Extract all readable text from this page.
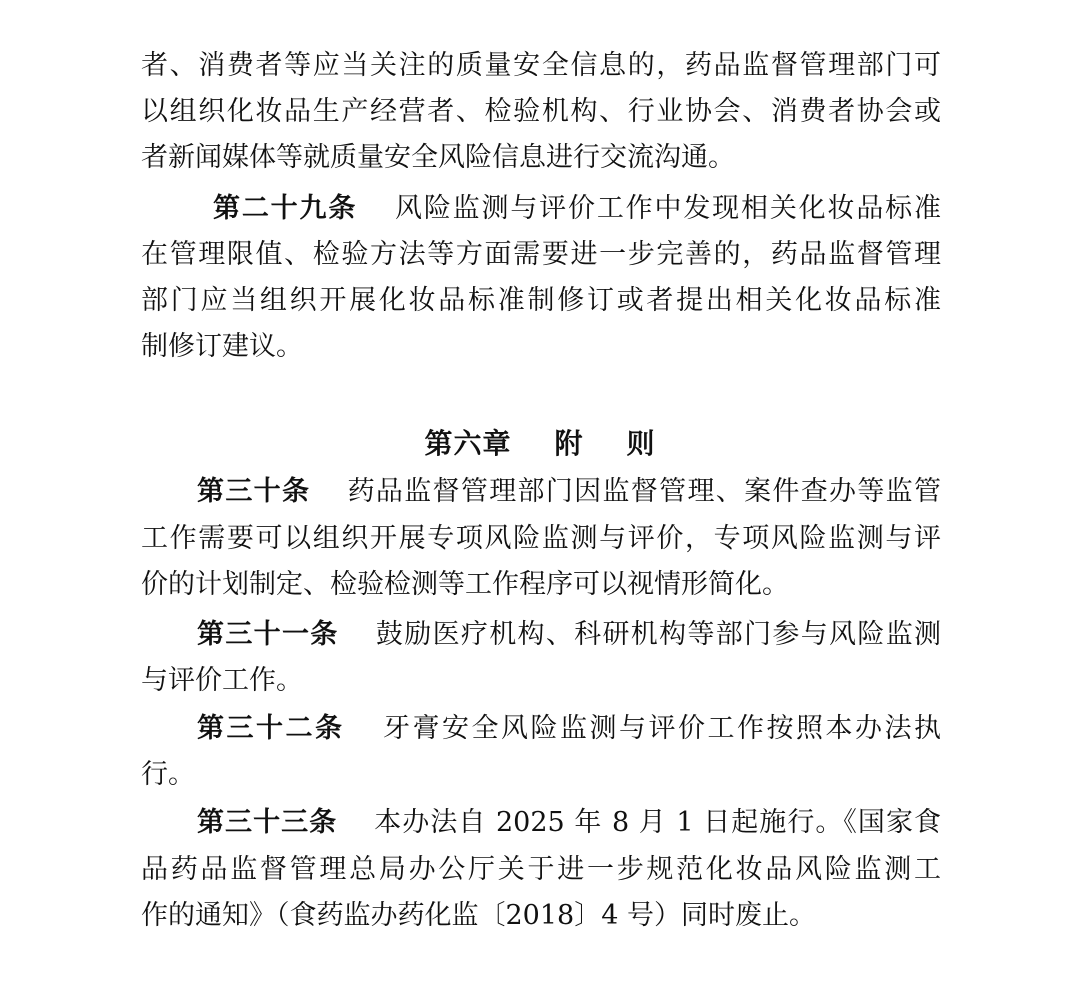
者、消费者等应当关注的质量安全信息的，药品监督管理部门可
以组织化妆品生产经营者、检验机构、行业协会、消费者协会或
者新闻媒体等就质量安全风险信息进行交流沟通。
第二十九条 风险监测与评价工作中发现相关化妆品标准
在管理限值、检验方法等方面需要进一步完善的，药品监督管理
部门应当组织开展化妆品标准制修订或者提出相关化妆品标准
制修订建议。
第六章    附    则
第三十条 药品监督管理部门因监督管理、案件查办等监管
工作需要可以组织开展专项风险监测与评价，专项风险监测与评
价的计划制定、检验检测等工作程序可以视情形简化。
第三十一条 鼓励医疗机构、科研机构等部门参与风险监测
与评价工作。
第三十二条 牙膏安全风险监测与评价工作按照本办法执
行。
第三十三条 本办法自 2025 年 8 月 1 日起施行。《国家食
品药品监督管理总局办公厅关于进一步规范化妆品风险监测工
作的通知》（食药监办药化监〔2018〕4 号）同时废止。
